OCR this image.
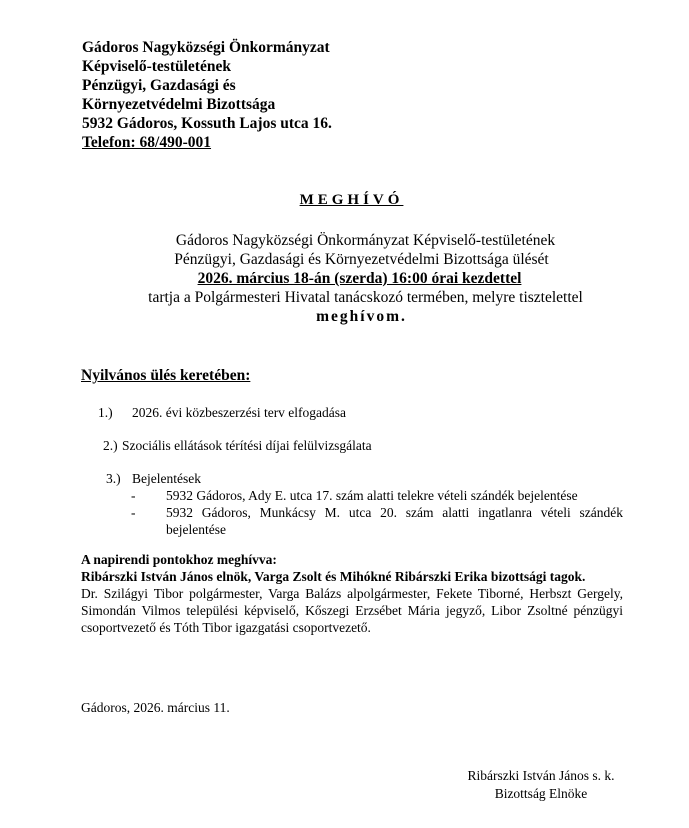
Gádoros Nagyközségi Önkormányzat
Képviselő-testületének
Pénzügyi, Gazdasági és
Környezetvédelmi Bizottsága
5932 Gádoros, Kossuth Lajos utca 16.
Telefon: 68/490-001
MEGHÍVÓ
Gádoros Nagyközségi Önkormányzat Képviselő-testületének
Pénzügyi, Gazdasági és Környezetvédelmi Bizottsága ülését
2026. március 18-án (szerda) 16:00 órai kezdettel
tartja a Polgármesteri Hivatal tanácskozó termében, melyre tisztelettel
meghívom.
Nyilvános ülés keretében:
1.) 2026. évi közbeszerzési terv elfogadása
2.) Szociális ellátások térítési díjai felülvizsgálata
3.) Bejelentések
- 5932 Gádoros, Ady E. utca 17. szám alatti telekre vételi szándék bejelentése
- 5932 Gádoros, Munkácsy M. utca 20. szám alatti ingatlanra vételi szándék bejelentése
A napirendi pontokhoz meghívva:
Ribárszki István János elnök, Varga Zsolt és Mihókné Ribárszki Erika bizottsági tagok.
Dr. Szilágyi Tibor polgármester, Varga Balázs alpolgármester, Fekete Tiborné, Herbszt Gergely, Simondán Vilmos települési képviselő, Kőszegi Erzsébet Mária jegyző, Libor Zsoltné pénzügyi csoportvezető és Tóth Tibor igazgatási csoportvezető.
Gádoros, 2026. március 11.
Ribárszki István János s. k.
Bizottság Elnöke
